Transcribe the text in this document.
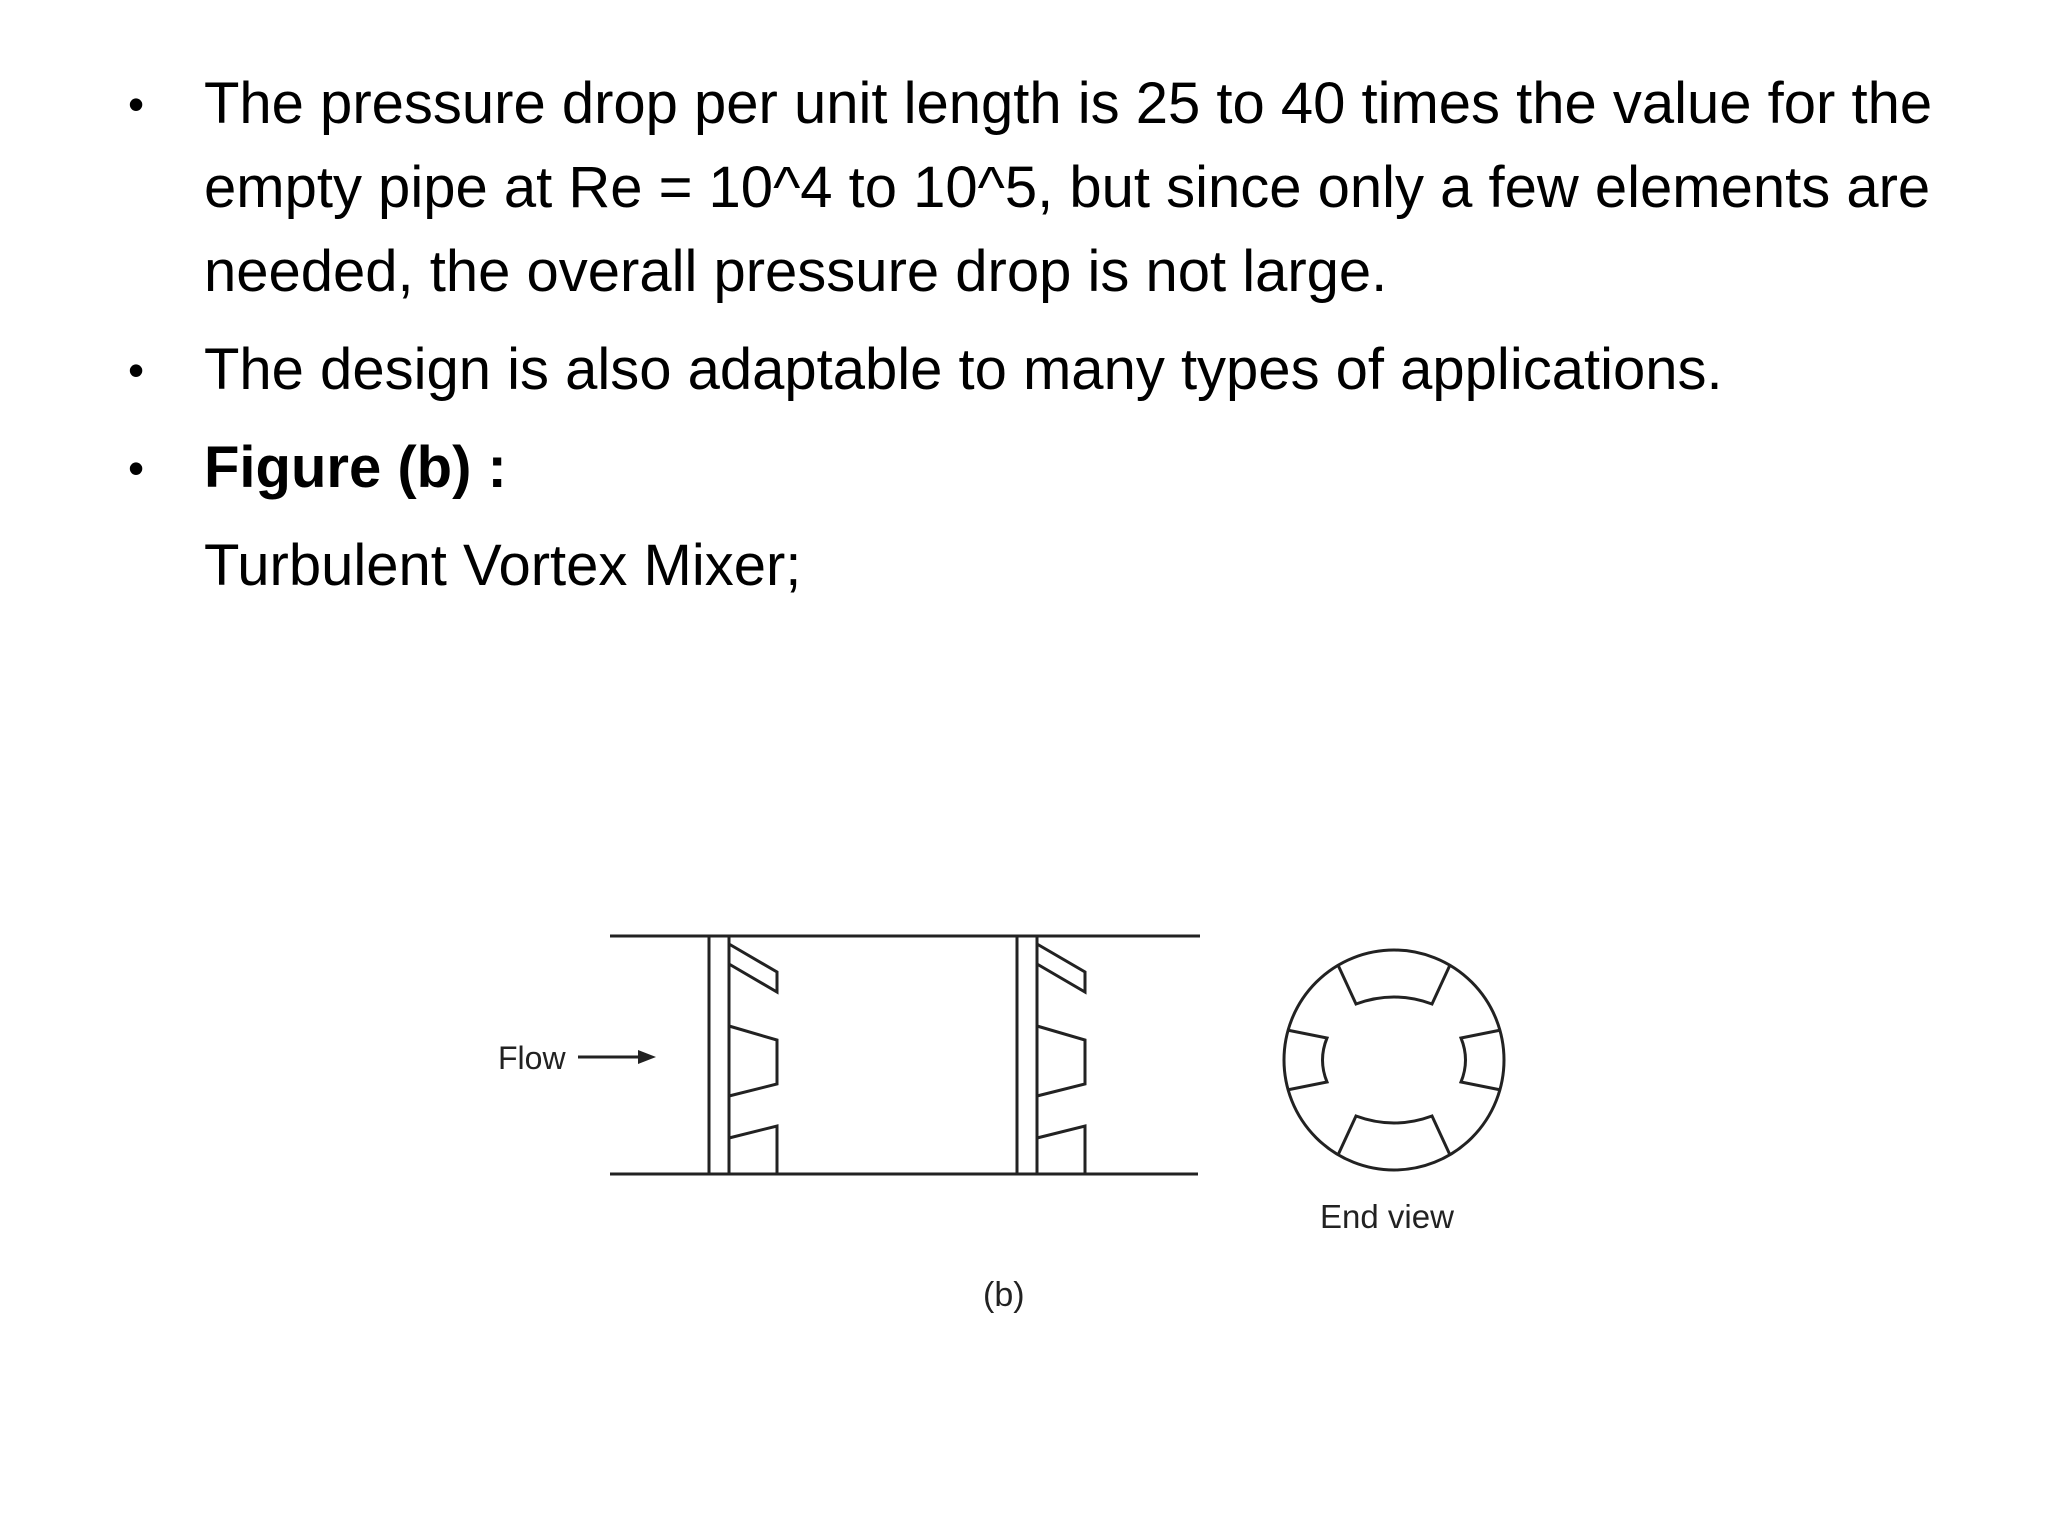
• The pressure drop per unit length is 25 to 40 times the value for the empty pipe at Re = 10^4 to 10^5, but since only a few elements are needed, the overall pressure drop is not large.
• The design is also adaptable to many types of applications.
• Figure (b) :
Turbulent Vortex Mixer;
Flow
End view
(b)
